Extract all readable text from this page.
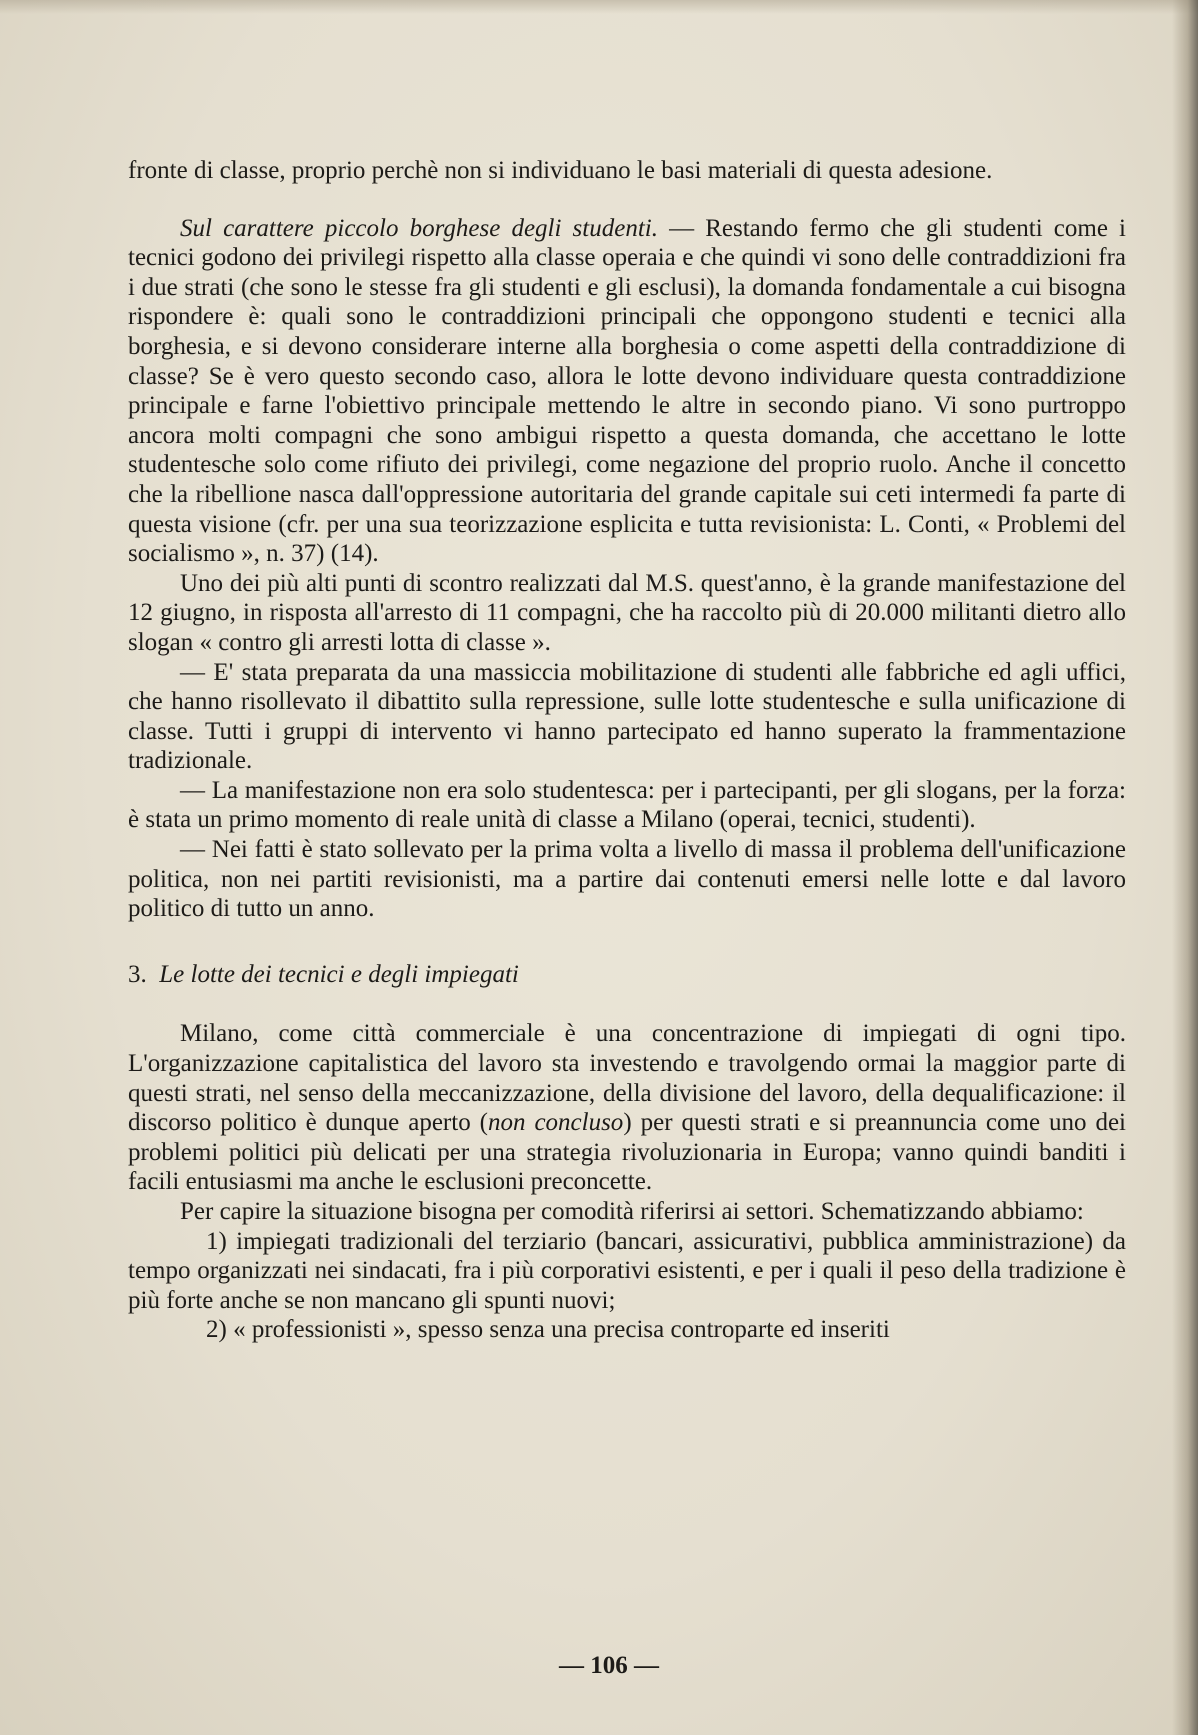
fronte di classe, proprio perchè non si individuano le basi materiali di questa adesione.

Sul carattere piccolo borghese degli studenti. — Restando fermo che gli studenti come i tecnici godono dei privilegi rispetto alla classe operaia e che quindi vi sono delle contraddizioni fra i due strati (che sono le stesse fra gli studenti e gli esclusi), la domanda fondamentale a cui bisogna rispondere è: quali sono le contraddizioni principali che oppongono studenti e tecnici alla borghesia, e si devono considerare interne alla borghesia o come aspetti della contraddizione di classe? Se è vero questo secondo caso, allora le lotte devono individuare questa contraddizione principale e farne l'obiettivo principale mettendo le altre in secondo piano. Vi sono purtroppo ancora molti compagni che sono ambigui rispetto a questa domanda, che accettano le lotte studentesche solo come rifiuto dei privilegi, come negazione del proprio ruolo. Anche il concetto che la ribellione nasca dall'oppressione autoritaria del grande capitale sui ceti intermedi fa parte di questa visione (cfr. per una sua teorizzazione esplicita e tutta revisionista: L. Conti, « Problemi del socialismo », n. 37) (14).

Uno dei più alti punti di scontro realizzati dal M.S. quest'anno, è la grande manifestazione del 12 giugno, in risposta all'arresto di 11 compagni, che ha raccolto più di 20.000 militanti dietro allo slogan « contro gli arresti lotta di classe ».

— E' stata preparata da una massiccia mobilitazione di studenti alle fabbriche ed agli uffici, che hanno risollevato il dibattito sulla repressione, sulle lotte studentesche e sulla unificazione di classe. Tutti i gruppi di intervento vi hanno partecipato ed hanno superato la frammentazione tradizionale.

— La manifestazione non era solo studentesca: per i partecipanti, per gli slogans, per la forza: è stata un primo momento di reale unità di classe a Milano (operai, tecnici, studenti).

— Nei fatti è stato sollevato per la prima volta a livello di massa il problema dell'unificazione politica, non nei partiti revisionisti, ma a partire dai contenuti emersi nelle lotte e dal lavoro politico di tutto un anno.

3. Le lotte dei tecnici e degli impiegati

Milano, come città commerciale è una concentrazione di impiegati di ogni tipo. L'organizzazione capitalistica del lavoro sta investendo e travolgendo ormai la maggior parte di questi strati, nel senso della meccanizzazione, della divisione del lavoro, della dequalificazione: il discorso politico è dunque aperto (non concluso) per questi strati e si preannuncia come uno dei problemi politici più delicati per una strategia rivoluzionaria in Europa; vanno quindi banditi i facili entusiasmi ma anche le esclusioni preconcette.

Per capire la situazione bisogna per comodità riferirsi ai settori. Schematizzando abbiamo:

1) impiegati tradizionali del terziario (bancari, assicurativi, pubblica amministrazione) da tempo organizzati nei sindacati, fra i più corporativi esistenti, e per i quali il peso della tradizione è più forte anche se non mancano gli spunti nuovi;

2) « professionisti », spesso senza una precisa controparte ed inseriti

— 106 —
